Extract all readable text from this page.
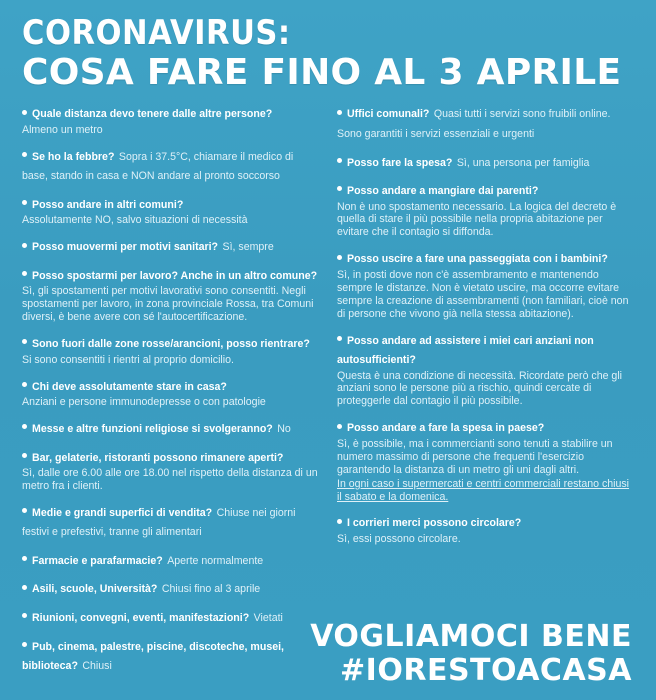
CORONAVIRUS:
COSA FARE FINO AL 3 APRILE
Quale distanza devo tenere dalle altre persone?
Almeno un metro
Se ho la febbre? Sopra i 37.5°C, chiamare il medico di base, stando in casa e NON andare al pronto soccorso
Posso andare in altri comuni?
Assolutamente NO, salvo situazioni di necessità
Posso muovermi per motivi sanitari? Sì, sempre
Posso spostarmi per lavoro? Anche in un altro comune?
Sì, gli spostamenti per motivi lavorativi sono consentiti. Negli spostamenti per lavoro, in zona provinciale Rossa, tra Comuni diversi, è bene avere con sé l'autocertificazione.
Sono fuori dalle zone rosse/arancioni, posso rientrare?
Si sono consentiti i rientri al proprio domicilio.
Chi deve assolutamente stare in casa?
Anziani e persone immunodepresse o con patologie
Messe e altre funzioni religiose si svolgeranno? No
Bar, gelaterie, ristoranti possono rimanere aperti?
Sì, dalle ore 6.00 alle ore 18.00 nel rispetto della distanza di un metro fra i clienti.
Medie e grandi superfici di vendita? Chiuse nei giorni festivi e prefestivi, tranne gli alimentari
Farmacie e parafarmacie? Aperte normalmente
Asili, scuole, Università? Chiusi fino al 3 aprile
Riunioni, convegni, eventi, manifestazioni? Vietati
Pub, cinema, palestre, piscine, discoteche, musei, biblioteca? Chiusi
Uffici comunali? Quasi tutti i servizi sono fruibili online. Sono garantiti i servizi essenziali e urgenti
Posso fare la spesa? Sì, una persona per famiglia
Posso andare a mangiare dai parenti?
Non è uno spostamento necessario. La logica del decreto è quella di stare il più possibile nella propria abitazione per evitare che il contagio si diffonda.
Posso uscire a fare una passeggiata con i bambini?
Sì, in posti dove non c'è assembramento e mantenendo sempre le distanze. Non è vietato uscire, ma occorre evitare sempre la creazione di assembramenti (non familiari, cioè non di persone che vivono già nella stessa abitazione).
Posso andare ad assistere i miei cari anziani non autosufficienti?
Questa è una condizione di necessità. Ricordate però che gli anziani sono le persone più a rischio, quindi cercate di proteggerle dal contagio il più possibile.
Posso andare a fare la spesa in paese?
Sì, è possibile, ma i commercianti sono tenuti a stabilire un numero massimo di persone che frequenti l'esercizio garantendo la distanza di un metro gli uni dagli altri.
In ogni caso i supermercati e centri commerciali restano chiusi il sabato e la domenica.
I corrieri merci possono circolare?
Sì, essi possono circolare.
VOGLIAMOCI BENE
#IORESTOACASA
